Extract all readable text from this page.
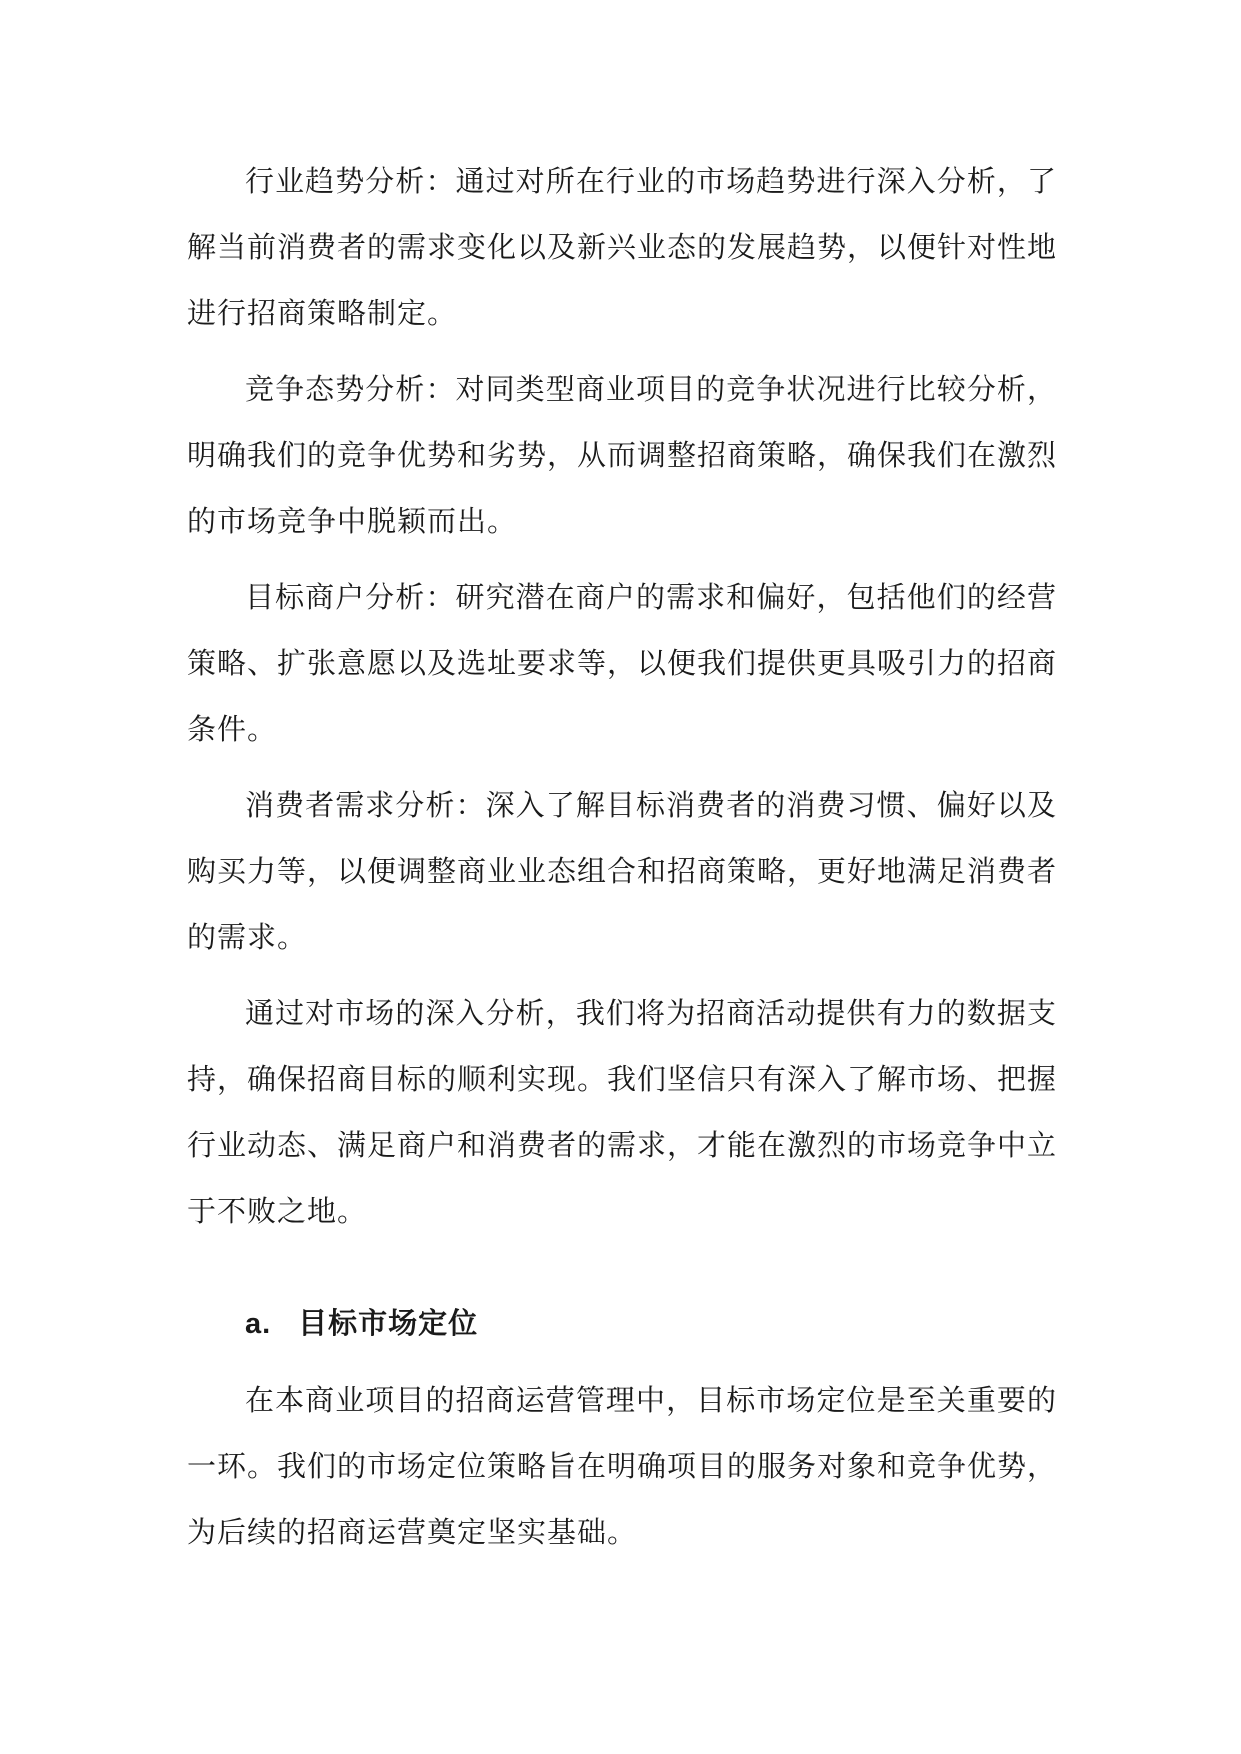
行业趋势分析：通过对所在行业的市场趋势进行深入分析，了解当前消费者的需求变化以及新兴业态的发展趋势，以便针对性地进行招商策略制定。

竞争态势分析：对同类型商业项目的竞争状况进行比较分析，明确我们的竞争优势和劣势，从而调整招商策略，确保我们在激烈的市场竞争中脱颖而出。

目标商户分析：研究潜在商户的需求和偏好，包括他们的经营策略、扩张意愿以及选址要求等，以便我们提供更具吸引力的招商条件。

消费者需求分析：深入了解目标消费者的消费习惯、偏好以及购买力等，以便调整商业业态组合和招商策略，更好地满足消费者的需求。

通过对市场的深入分析，我们将为招商活动提供有力的数据支持，确保招商目标的顺利实现。我们坚信只有深入了解市场、把握行业动态、满足商户和消费者的需求，才能在激烈的市场竞争中立于不败之地。

a. 目标市场定位

在本商业项目的招商运营管理中，目标市场定位是至关重要的一环。我们的市场定位策略旨在明确项目的服务对象和竞争优势，为后续的招商运营奠定坚实基础。
